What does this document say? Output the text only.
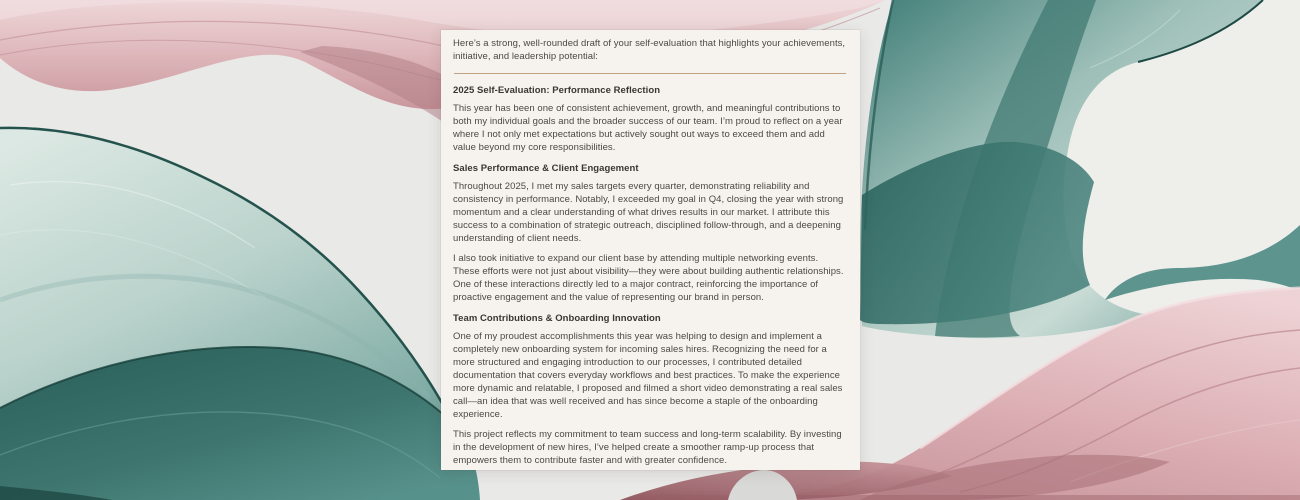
Here’s a strong, well-rounded draft of your self-evaluation that highlights your achievements, initiative, and leadership potential:

2025 Self-Evaluation: Performance Reflection

This year has been one of consistent achievement, growth, and meaningful contributions to both my individual goals and the broader success of our team. I’m proud to reflect on a year where I not only met expectations but actively sought out ways to exceed them and add value beyond my core responsibilities.

Sales Performance & Client Engagement

Throughout 2025, I met my sales targets every quarter, demonstrating reliability and consistency in performance. Notably, I exceeded my goal in Q4, closing the year with strong momentum and a clear understanding of what drives results in our market. I attribute this success to a combination of strategic outreach, disciplined follow-through, and a deepening understanding of client needs.

I also took initiative to expand our client base by attending multiple networking events. These efforts were not just about visibility—they were about building authentic relationships. One of these interactions directly led to a major contract, reinforcing the importance of proactive engagement and the value of representing our brand in person.

Team Contributions & Onboarding Innovation

One of my proudest accomplishments this year was helping to design and implement a completely new onboarding system for incoming sales hires. Recognizing the need for a more structured and engaging introduction to our processes, I contributed detailed documentation that covers everyday workflows and best practices. To make the experience more dynamic and relatable, I proposed and filmed a short video demonstrating a real sales call—an idea that was well received and has since become a staple of the onboarding experience.

This project reflects my commitment to team success and long-term scalability. By investing in the development of new hires, I’ve helped create a smoother ramp-up process that empowers them to contribute faster and with greater confidence.
